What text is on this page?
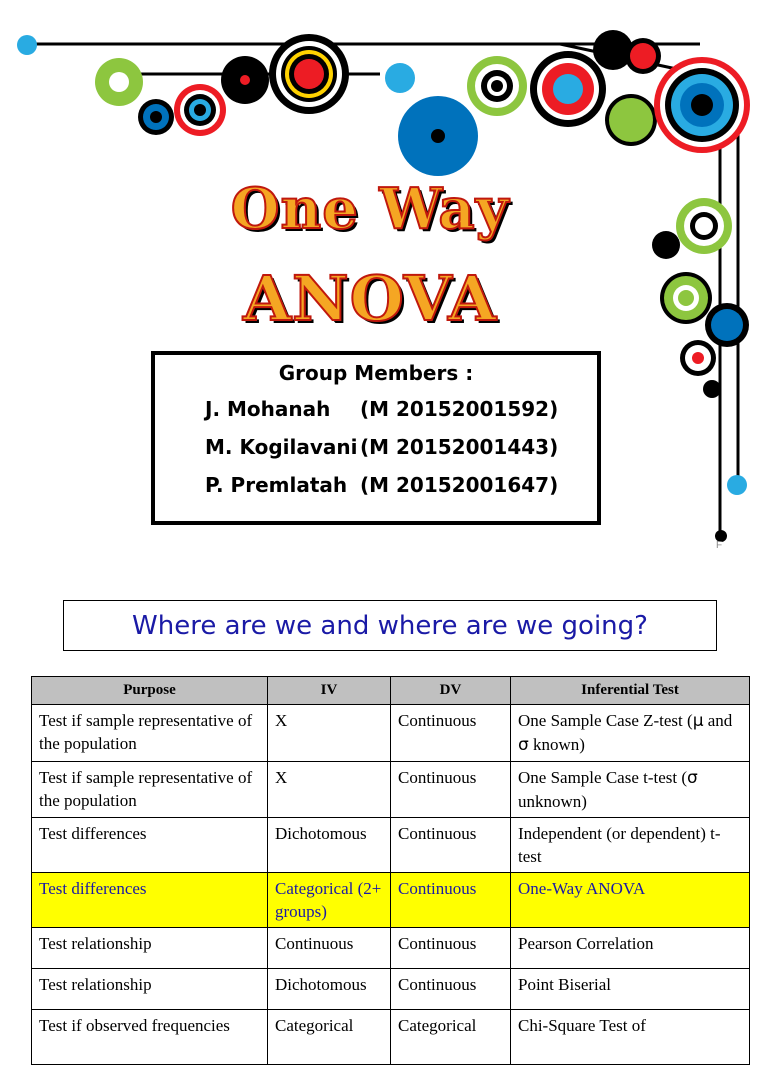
One Way
ANOVA
Group Members :
J. Mohanah (M 20152001592)
M. Kogilavani (M 20152001443)
P. Premlatah (M 20152001647)
F
Where are we and where are we going?
Purpose	IV	DV	Inferential Test
Test if sample representative of the population	X	Continuous	One Sample Case Z-test (μ and σ known)
Test if sample representative of the population	X	Continuous	One Sample Case t-test (σ unknown)
Test differences	Dichotomous	Continuous	Independent (or dependent) t-test
Test differences	Categorical (2+ groups)	Continuous	One-Way ANOVA
Test relationship	Continuous	Continuous	Pearson Correlation
Test relationship	Dichotomous	Continuous	Point Biserial
Test if observed frequencies	Categorical	Categorical	Chi-Square Test of
